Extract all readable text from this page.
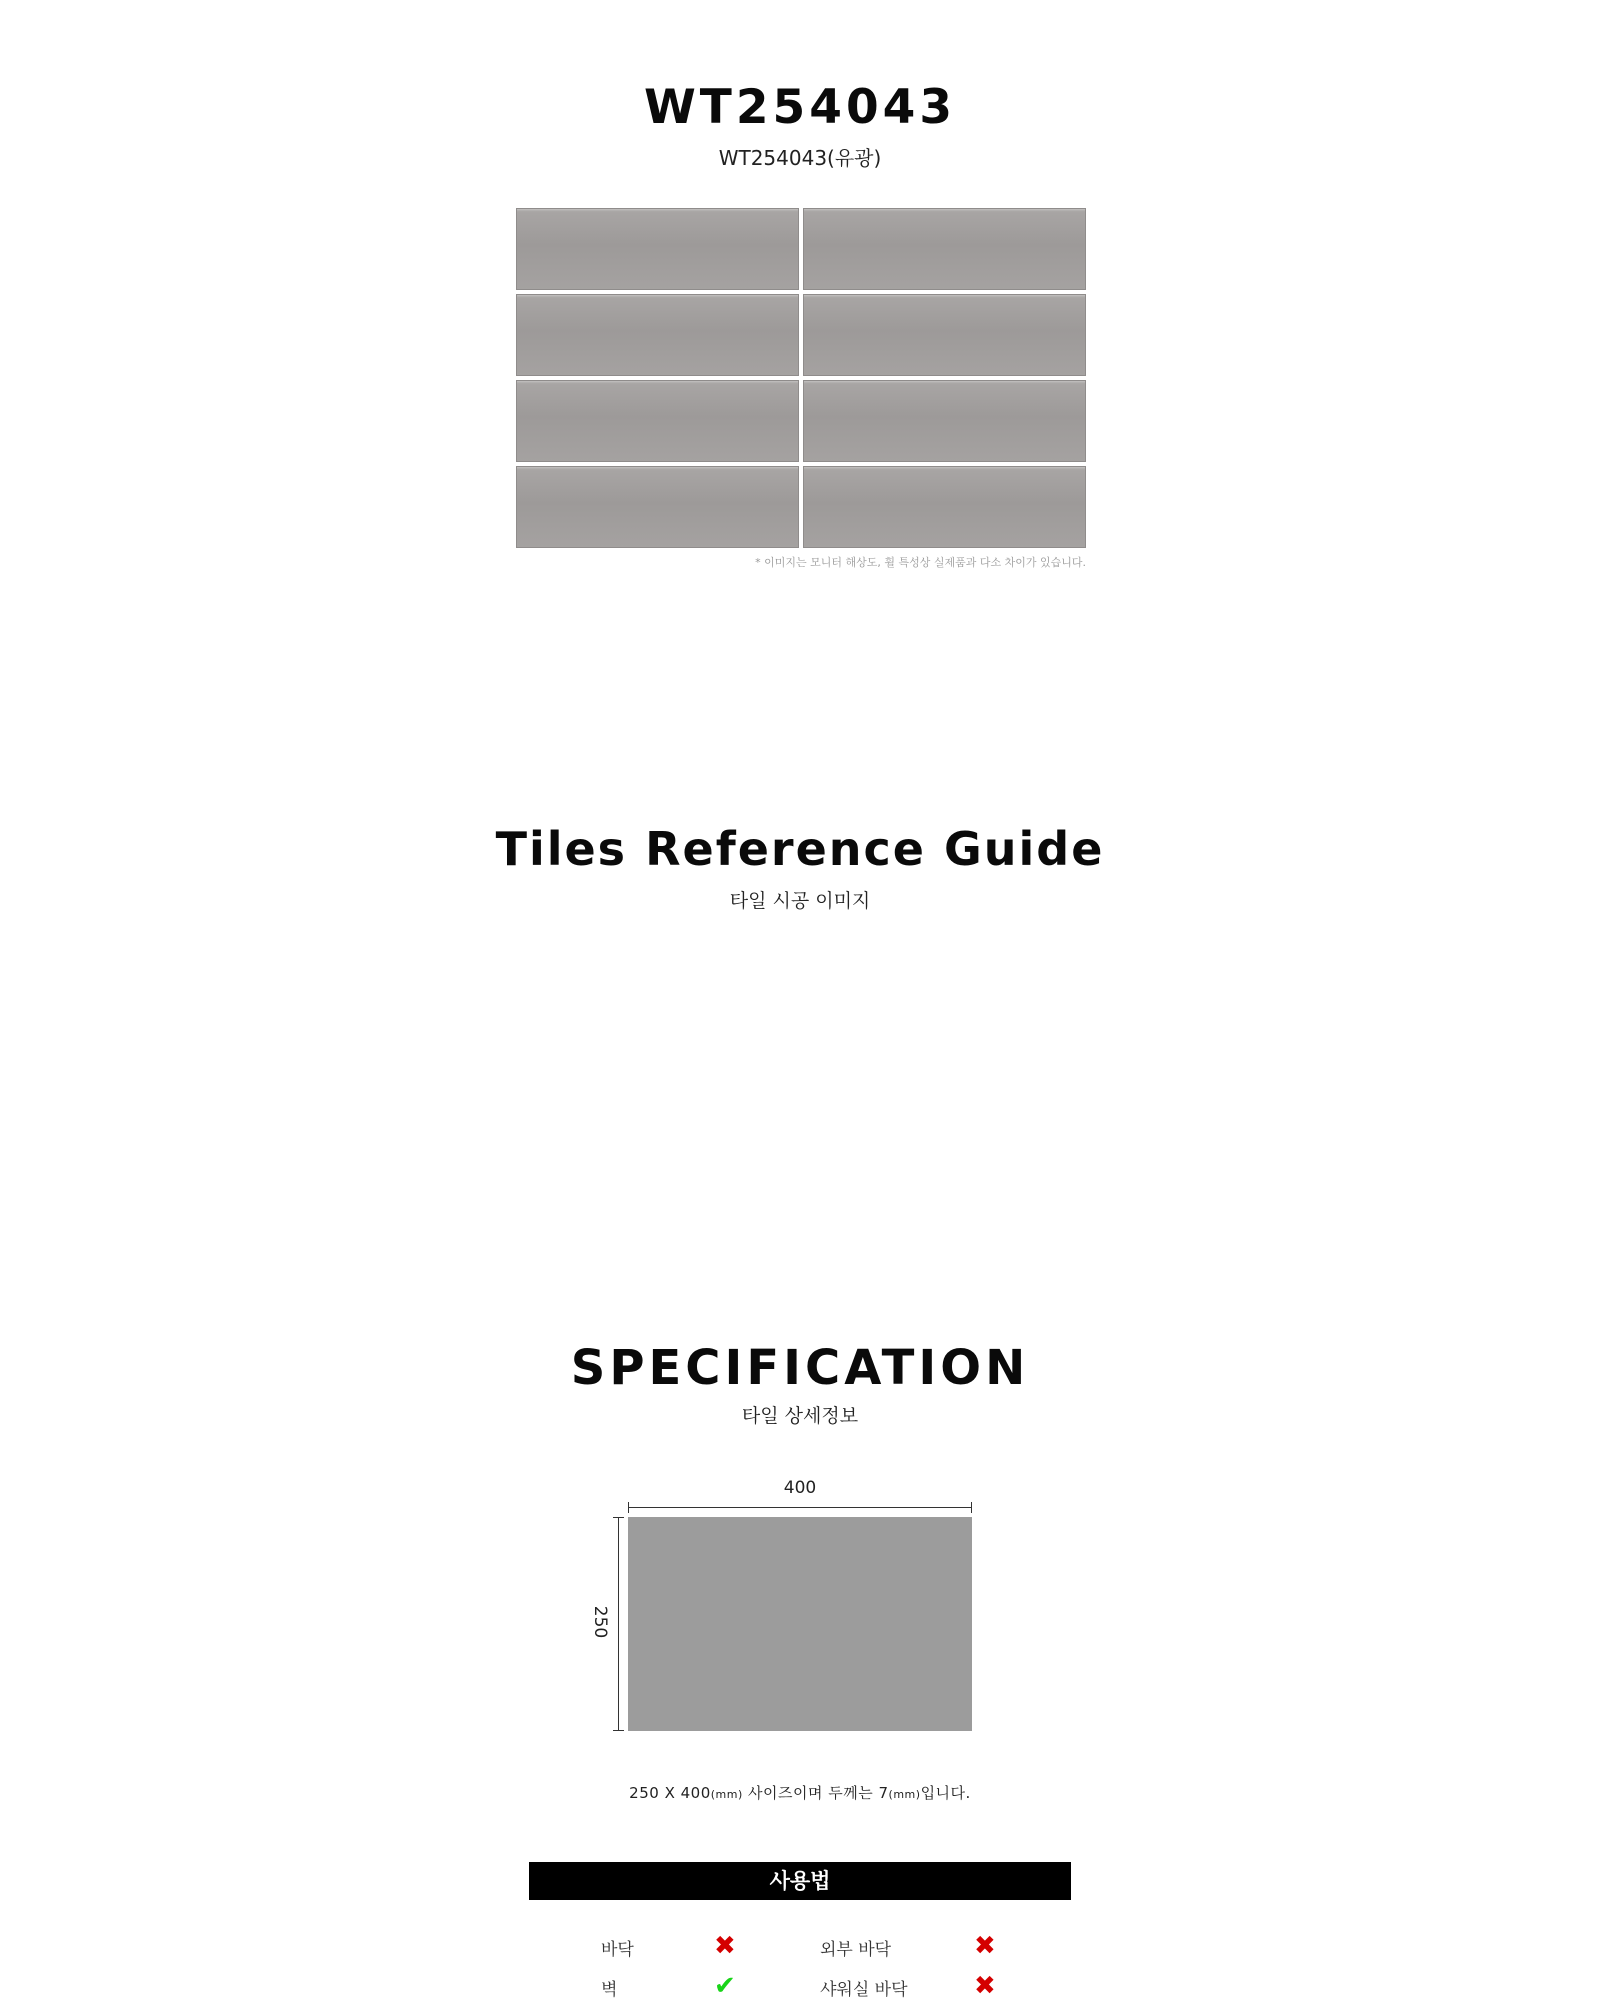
WT254043
WT254043(유광)
* 이미지는 모니터 해상도, 휠 특성상 실제품과 다소 차이가 있습니다.
Tiles Reference Guide
타일 시공 이미지
SPECIFICATION
타일 상세정보
400
250
250 X 400(mm) 사이즈이며 두께는 7(mm)입니다.
사용법
바닥	✖	외부 바닥	✖
벽	✔	샤워실 바닥	✖
